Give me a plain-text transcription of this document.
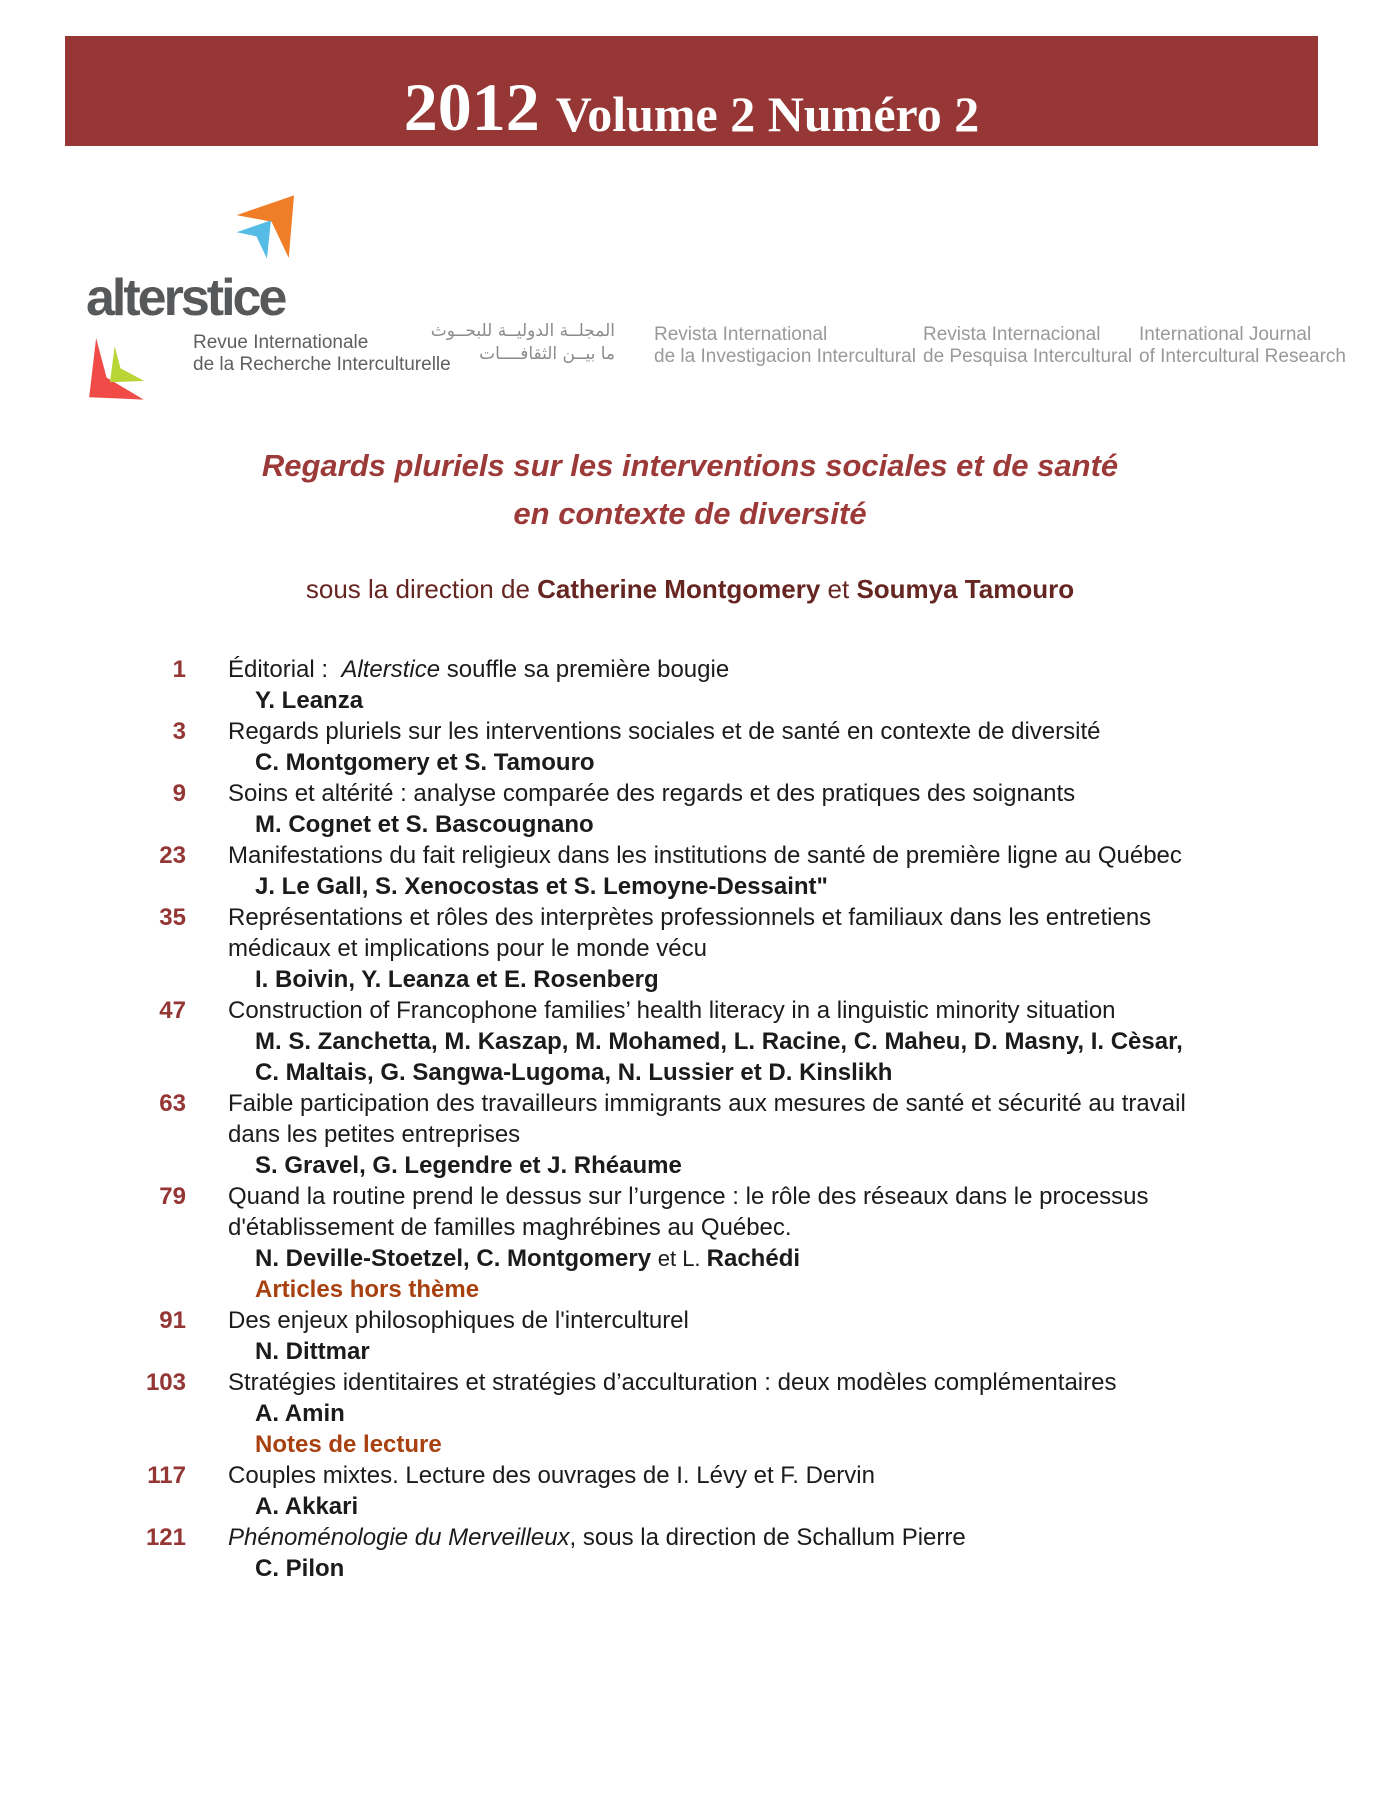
2012 Volume 2 Numéro 2
alterstice
Revue Internationale
de la Recherche Interculturelle
المجلــة الدوليــة للبحــوث
ما بيــن الثقافــــات
Revista International
de la Investigacion Intercultural
Revista Internacional
de Pesquisa Intercultural
International Journal
of Intercultural Research
Regards pluriels sur les interventions sociales et de santé
en contexte de diversité
sous la direction de Catherine Montgomery et Soumya Tamouro
1 Éditorial :  Alterstice souffle sa première bougie
Y. Leanza
3 Regards pluriels sur les interventions sociales et de santé en contexte de diversité
C. Montgomery et S. Tamouro
9 Soins et altérité : analyse comparée des regards et des pratiques des soignants
M. Cognet et S. Bascougnano
23 Manifestations du fait religieux dans les institutions de santé de première ligne au Québec
J. Le Gall, S. Xenocostas et S. Lemoyne-Dessaint"
35 Représentations et rôles des interprètes professionnels et familiaux dans les entretiens
médicaux et implications pour le monde vécu
I. Boivin, Y. Leanza et E. Rosenberg
47 Construction of Francophone families’ health literacy in a linguistic minority situation
M. S. Zanchetta, M. Kaszap, M. Mohamed, L. Racine, C. Maheu, D. Masny, I. Cèsar,
C. Maltais, G. Sangwa-Lugoma, N. Lussier et D. Kinslikh
63 Faible participation des travailleurs immigrants aux mesures de santé et sécurité au travail
dans les petites entreprises
S. Gravel, G. Legendre et J. Rhéaume
79 Quand la routine prend le dessus sur l’urgence : le rôle des réseaux dans le processus
d'établissement de familles maghrébines au Québec.
N. Deville-Stoetzel, C. Montgomery et L. Rachédi
Articles hors thème
91 Des enjeux philosophiques de l'interculturel
N. Dittmar
103 Stratégies identitaires et stratégies d’acculturation : deux modèles complémentaires
A. Amin
Notes de lecture
117 Couples mixtes. Lecture des ouvrages de I. Lévy et F. Dervin
A. Akkari
121 Phénoménologie du Merveilleux, sous la direction de Schallum Pierre
C. Pilon
